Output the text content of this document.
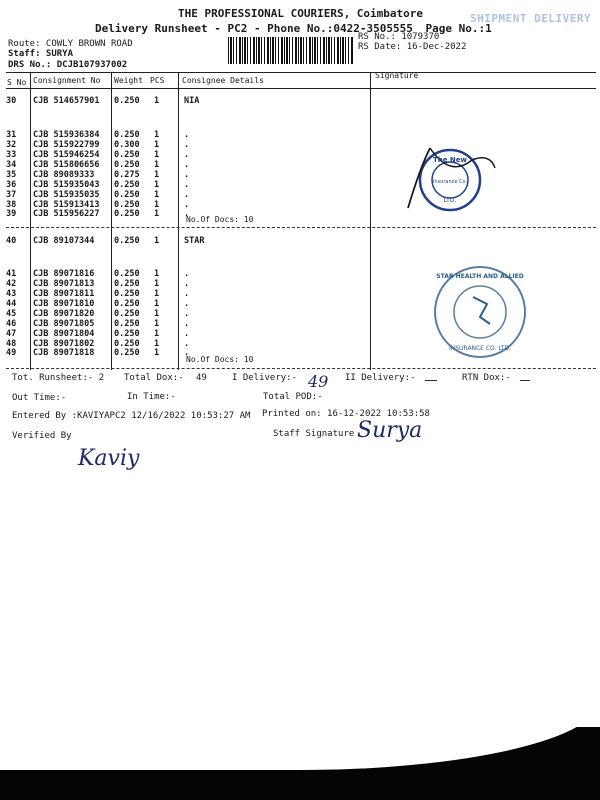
THE PROFESSIONAL COURIERS, Coimbatore
Delivery Runsheet - PC2 - Phone No.:0422-3505555 Page No.:1
SHIPMENT DELIVERY
Route: COWLY BROWN ROAD
Staff: SURYA
DRS No.: DCJB107937002
RS No.: 1079370
RS Date: 16-Dec-2022
S No Consignment No Weight PCS Consignee Details
Signature
30 CJB 514657901 0.250 1	NIA
31 CJB 515936384 0.250 1	.
32 CJB 515922799 0.300 1	.
33 CJB 515946254 0.250 1	.
34 CJB 515806656 0.250 1	.
35 CJB 89089333 0.275 1	.
36 CJB 515935043 0.250 1	.
37 CJB 515935035 0.250 1	.
38 CJB 515913413 0.250 1	.
39 CJB 515956227 0.250 1	.
No.Of Docs: 10
40 CJB 89107344 0.250 1	STAR
41 CJB 89071816 0.250 1	.
42 CJB 89071813 0.250 1	.
43 CJB 89071811 0.250 1	.
44 CJB 89071810 0.250 1	.
45 CJB 89071820 0.250 1	.
46 CJB 89071805 0.250 1	.
47 CJB 89071804 0.250 1	.
48 CJB 89071802 0.250 1	.
49 CJB 89071818 0.250 1	.
No.Of Docs: 10
The New
Insurance Co.
LTD.
STAR HEALTH AND ALLIED
INSURANCE CO. LTD.
Tot. Runsheet:- 2 Total Dox:- 49	I Delivery:- 49 II Delivery:-	RTN Dox:-
Out Time:-	In Time:-	Total POD:-
Entered By :KAVIYAPC2 12/16/2022 10:53:27 AM Printed on: 16-12-2022 10:53:58
Verified By	Staff Signature
Kaviy
Surya
